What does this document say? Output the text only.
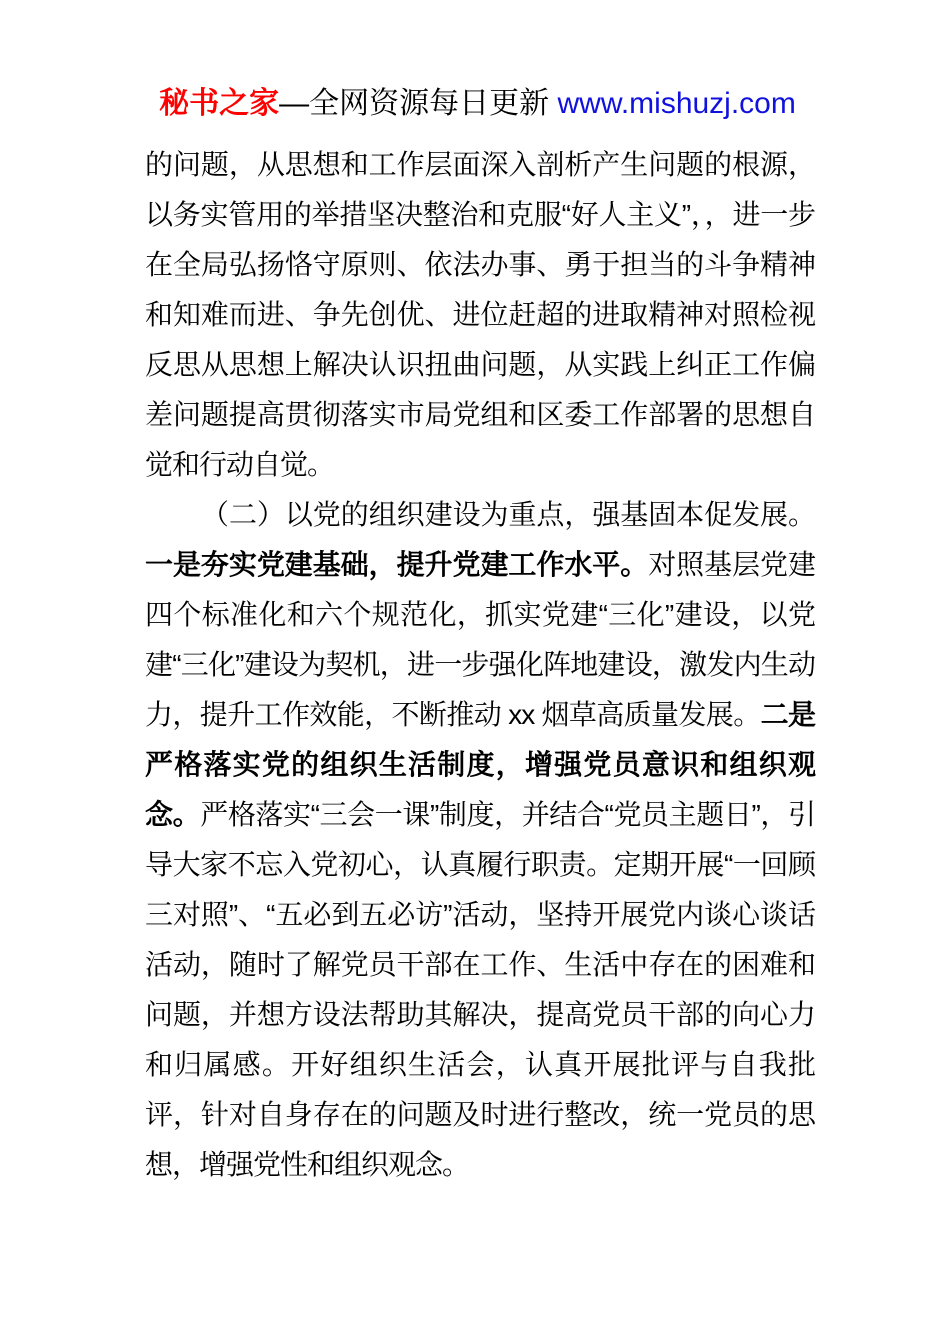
秘书之家—全网资源每日更新 www.mishuzj.com

的问题，从思想和工作层面深入剖析产生问题的根源，以务实管用的举措坚决整治和克服“好人主义”，，进一步在全局弘扬恪守原则、依法办事、勇于担当的斗争精神和知难而进、争先创优、进位赶超的进取精神对照检视反思从思想上解决认识扭曲问题，从实践上纠正工作偏差问题提高贯彻落实市局党组和区委工作部署的思想自觉和行动自觉。

（二）以党的组织建设为重点，强基固本促发展。一是夯实党建基础，提升党建工作水平。对照基层党建四个标准化和六个规范化，抓实党建“三化”建设，以党建“三化”建设为契机，进一步强化阵地建设，激发内生动力，提升工作效能，不断推动 xx 烟草高质量发展。二是严格落实党的组织生活制度，增强党员意识和组织观念。严格落实“三会一课”制度，并结合“党员主题日”，引导大家不忘入党初心，认真履行职责。定期开展“一回顾三对照”、“五必到五必访”活动，坚持开展党内谈心谈话活动，随时了解党员干部在工作、生活中存在的困难和问题，并想方设法帮助其解决，提高党员干部的向心力和归属感。开好组织生活会，认真开展批评与自我批评，针对自身存在的问题及时进行整改，统一党员的思想，增强党性和组织观念。
